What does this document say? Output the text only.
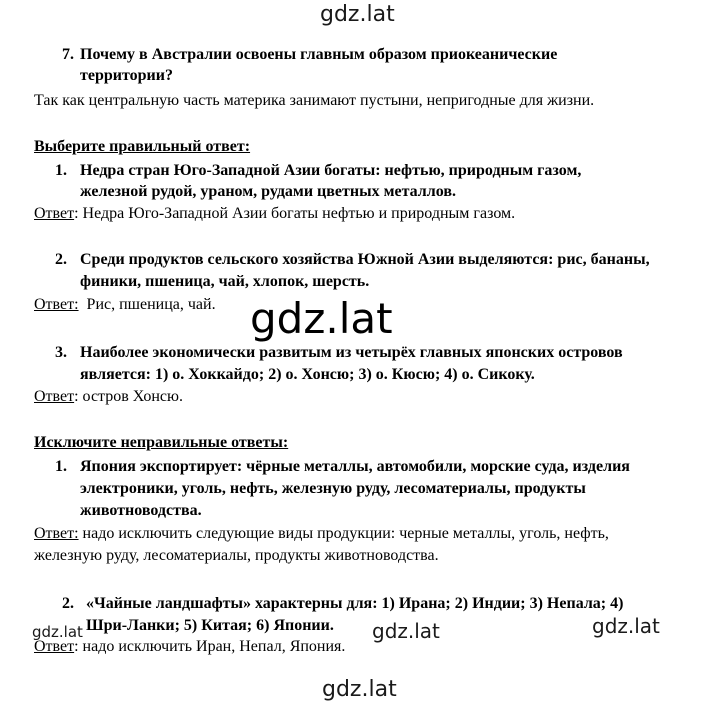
gdz.lat
gdz.lat
gdz.lat	gdz.lat	gdz.lat
gdz.lat
7. Почему в Австралии освоены главным образом приокеанические
территории?
Так как центральную часть материка занимают пустыни, непригодные для жизни.
Выберите правильный ответ:
1. Недра стран Юго-Западной Азии богаты: нефтью, природным газом,
железной рудой, ураном, рудами цветных металлов.
Ответ: Недра Юго-Западной Азии богаты нефтью и природным газом.
2. Среди продуктов сельского хозяйства Южной Азии выделяются: рис, бананы,
финики, пшеница, чай, хлопок, шерсть.
Ответ:  Рис, пшеница, чай.
3. Наиболее экономически развитым из четырёх главных японских островов
является: 1) о. Хоккайдо; 2) о. Хонсю; 3) о. Кюсю; 4) о. Сикоку.
Ответ: остров Хонсю.
Исключите неправильные ответы:
1. Япония экспортирует: чёрные металлы, автомобили, морские суда, изделия
электроники, уголь, нефть, железную руду, лесоматериалы, продукты
животноводства.
Ответ: надо исключить следующие виды продукции: черные металлы, уголь, нефть,
железную руду, лесоматериалы, продукты животноводства.
2. «Чайные ландшафты» характерны для: 1) Ирана; 2) Индии; 3) Непала; 4)
Шри-Ланки; 5) Китая; 6) Японии.
Ответ: надо исключить Иран, Непал, Япония.
